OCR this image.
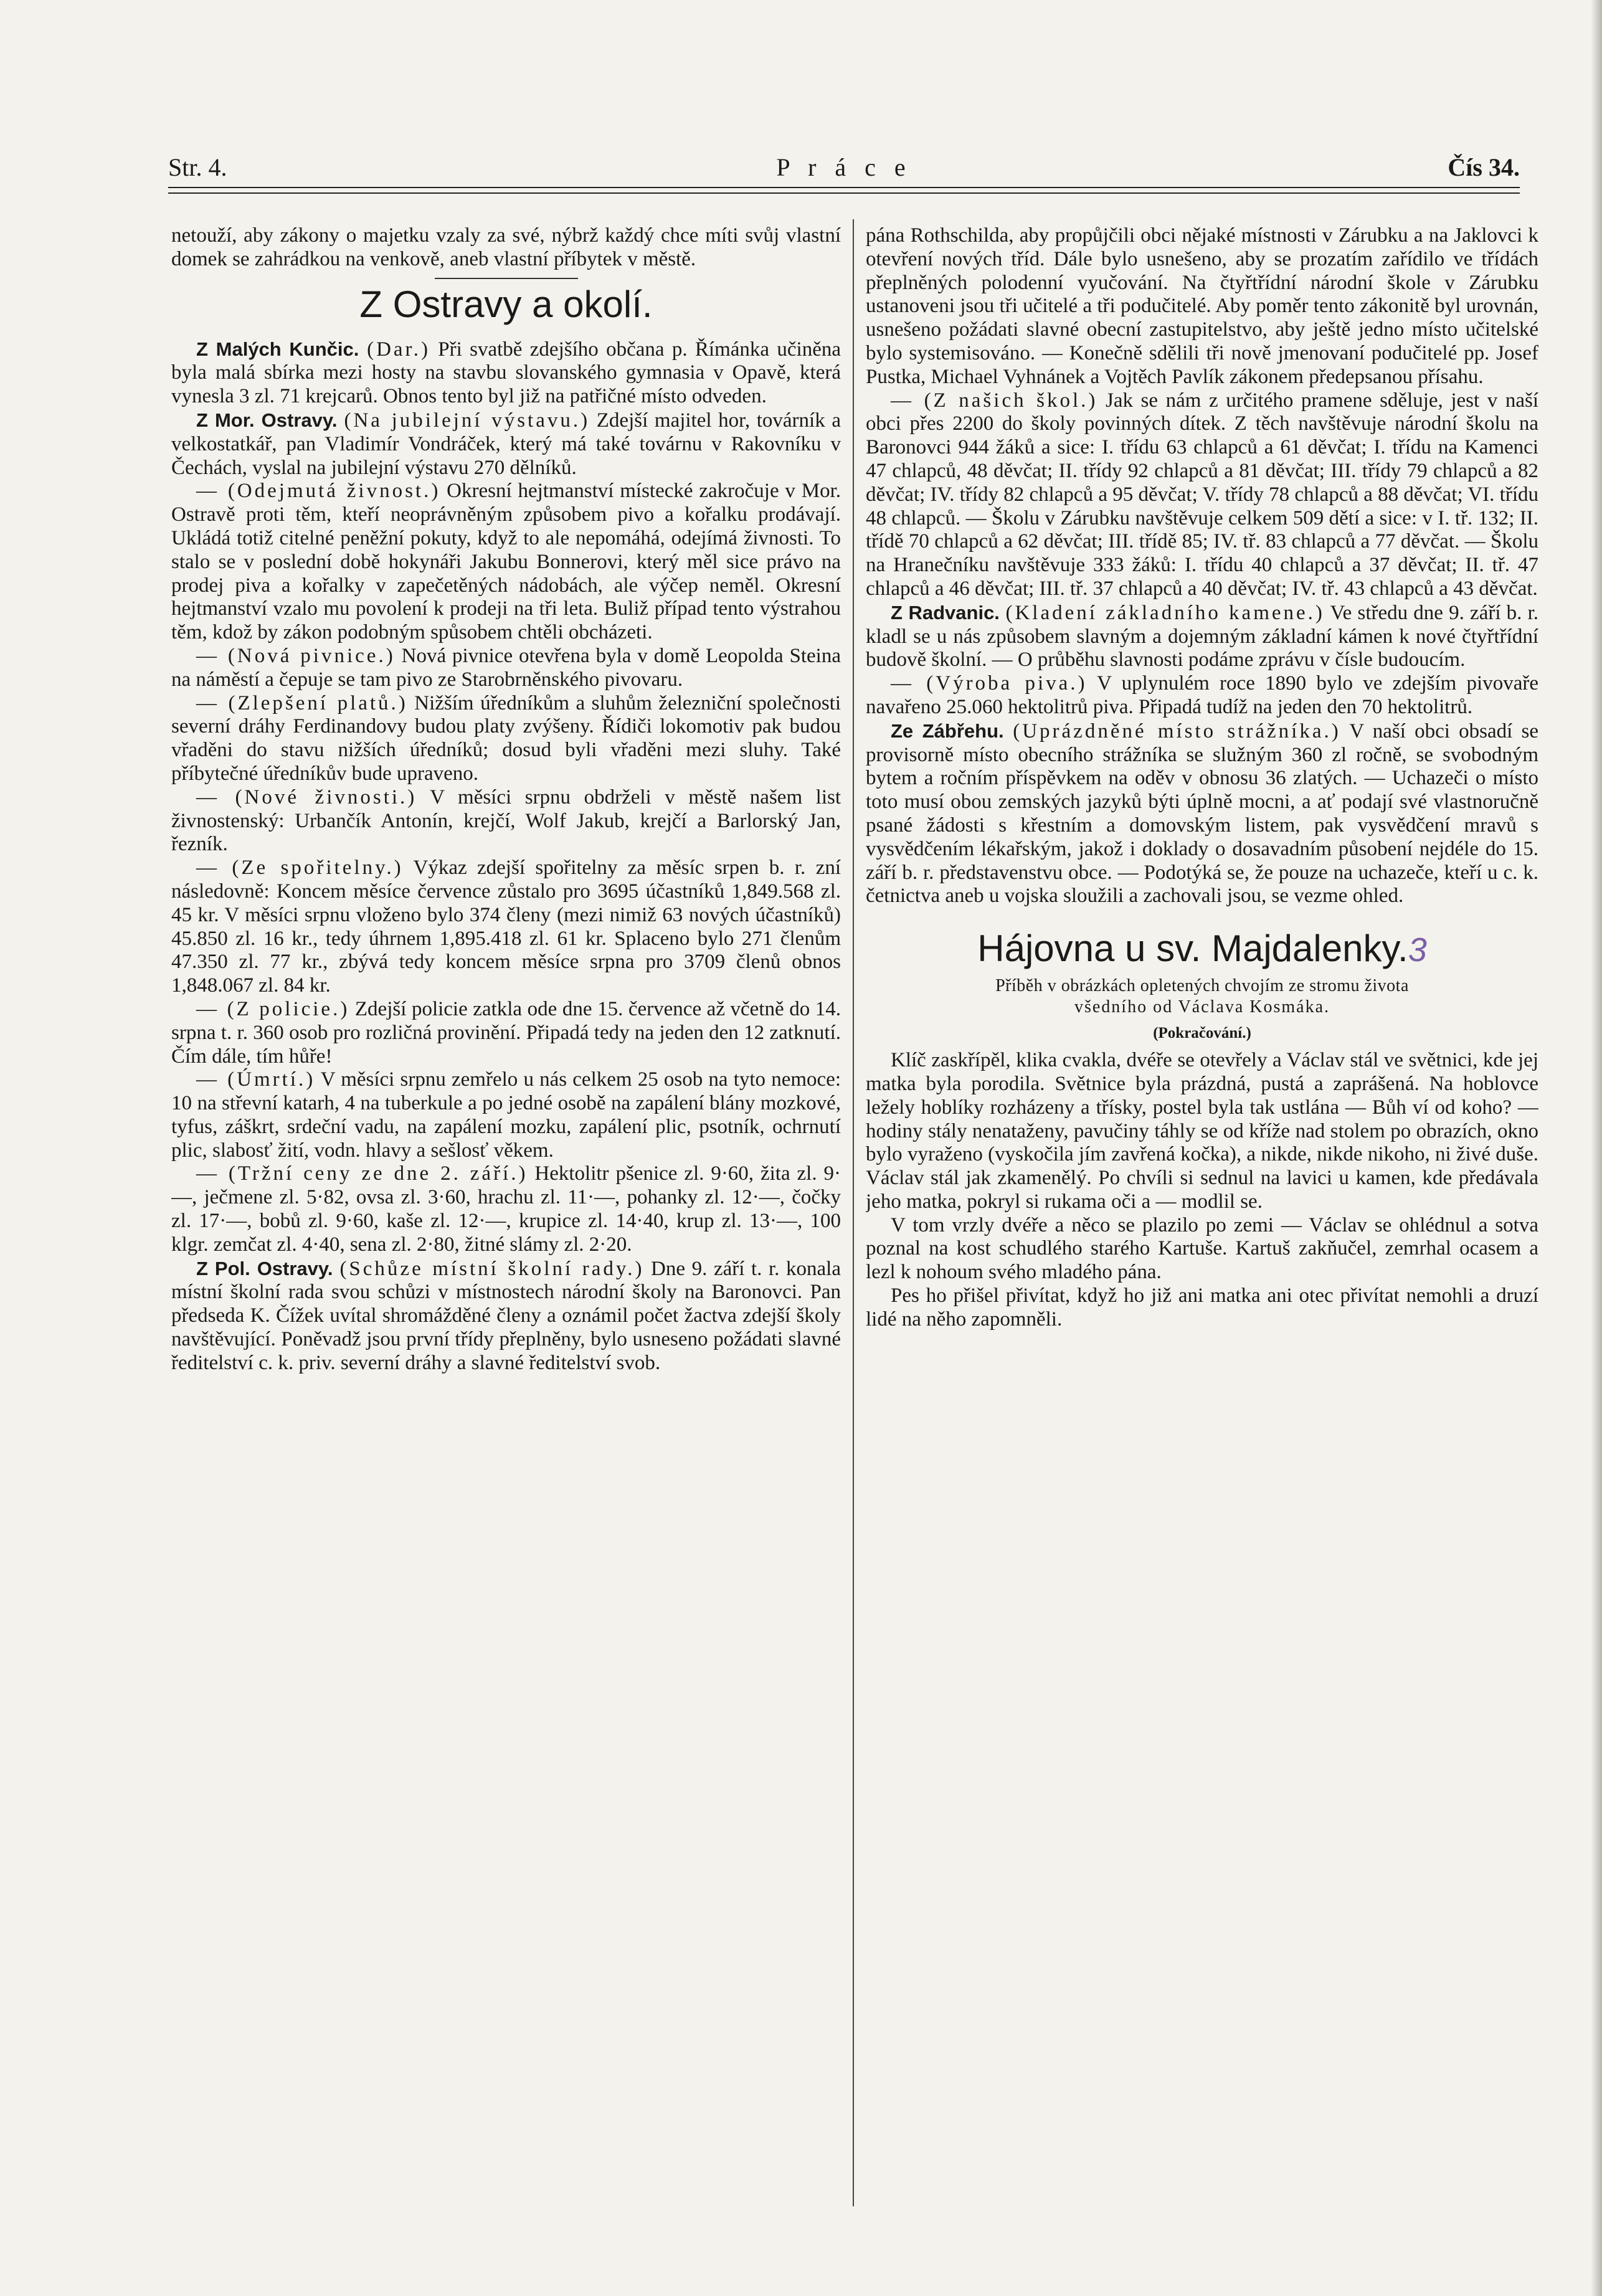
Str. 4.	P r á c e	Čís 34.

netouží, aby zákony o majetku vzaly za své, nýbrž každý chce míti svůj vlastní domek se zahrádkou na venkově, aneb vlastní příbytek v městě.

Z Ostravy a okolí.

Z Malých Kunčic. (Dar.) Při svatbě zdejšího občana p. Římánka učiněna byla malá sbírka mezi hosty na stavbu slovanského gymnasia v Opavě, která vynesla 3 zl. 71 krejcarů. Obnos tento byl již na patřičné místo odveden.

Z Mor. Ostravy. (Na jubilejní výstavu.) Zdejší majitel hor, továrník a velkostatkář, pan Vladimír Vondráček, který má také továrnu v Rakovníku v Čechách, vyslal na jubilejní výstavu 270 dělníků.

— (Odejmutá živnost.) Okresní hejtmanství místecké zakročuje v Mor. Ostravě proti těm, kteří neoprávněným způsobem pivo a kořalku prodávají. Ukládá totiž citelné peněžní pokuty, když to ale nepomáhá, odejímá živnosti. To stalo se v poslední době hokynáři Jakubu Bonnerovi, který měl sice právo na prodej piva a kořalky v zapečetěných nádobách, ale výčep neměl. Okresní hejtmanství vzalo mu povolení k prodeji na tři leta. Buliž případ tento výstrahou těm, kdož by zákon podobným spůsobem chtěli obcházeti.

— (Nová pivnice.) Nová pivnice otevřena byla v domě Leopolda Steina na náměstí a čepuje se tam pivo ze Starobrněnského pivovaru.

— (Zlepšení platů.) Nižším úředníkům a sluhům železniční společnosti severní dráhy Ferdinandovy budou platy zvýšeny. Řídiči lokomotiv pak budou vřaděni do stavu nižších úředníků; dosud byli vřaděni mezi sluhy. Také příbytečné úředníkův bude upraveno.

— (Nové živnosti.) V měsíci srpnu obdrželi v městě našem list živnostenský: Urbančík Antonín, krejčí, Wolf Jakub, krejčí a Barlorský Jan, řezník.

— (Ze spořitelny.) Výkaz zdejší spořitelny za měsíc srpen b. r. zní následovně: Koncem měsíce července zůstalo pro 3695 účastníků 1,849.568 zl. 45 kr. V měsíci srpnu vloženo bylo 374 členy (mezi nimiž 63 nových účastníků) 45.850 zl. 16 kr., tedy úhrnem 1,895.418 zl. 61 kr. Splaceno bylo 271 členům 47.350 zl. 77 kr., zbývá tedy koncem měsíce srpna pro 3709 členů obnos 1,848.067 zl. 84 kr.

— (Z policie.) Zdejší policie zatkla ode dne 15. července až včetně do 14. srpna t. r. 360 osob pro rozličná provinění. Připadá tedy na jeden den 12 zatknutí. Čím dále, tím hůře!

— (Úmrtí.) V měsíci srpnu zemřelo u nás celkem 25 osob na tyto nemoce: 10 na střevní katarh, 4 na tuberkule a po jedné osobě na zapálení blány mozkové, tyfus, záškrt, srdeční vadu, na zapálení mozku, zapálení plic, psotník, ochrnutí plic, slabosť žití, vodn. hlavy a sešlosť věkem.

— (Tržní ceny ze dne 2. září.) Hektolitr pšenice zl. 9·60, žita zl. 9·—, ječmene zl. 5·82, ovsa zl. 3·60, hrachu zl. 11·—, pohanky zl. 12·—, čočky zl. 17·—, bobů zl. 9·60, kaše zl. 12·—, krupice zl. 14·40, krup zl. 13·—, 100 klgr. zemčat zl. 4·40, sena zl. 2·80, žitné slámy zl. 2·20.

Z Pol. Ostravy. (Schůze místní školní rady.) Dne 9. září t. r. konala místní školní rada svou schůzi v místnostech národní školy na Baronovci. Pan předseda K. Čížek uvítal shromážděné členy a oznámil počet žactva zdejší školy navštěvující. Poněvadž jsou první třídy přeplněny, bylo usneseno požádati slavné ředitelství c. k. priv. severní dráhy a slavné ředitelství svob.

pána Rothschilda, aby propůjčili obci nějaké místnosti v Zárubku a na Jaklovci k otevření nových tříd. Dále bylo usnešeno, aby se prozatím zařídilo ve třídách přeplněných polodenní vyučování. Na čtyřtřídní národní škole v Zárubku ustanoveni jsou tři učitelé a tři podučitelé. Aby poměr tento zákonitě byl urovnán, usnešeno požádati slavné obecní zastupitelstvo, aby ještě jedno místo učitelské bylo systemisováno. — Konečně sdělili tři nově jmenovaní podučitelé pp. Josef Pustka, Michael Vyhnánek a Vojtěch Pavlík zákonem předepsanou přísahu.

— (Z našich škol.) Jak se nám z určitého pramene sděluje, jest v naší obci přes 2200 do školy povinných dítek. Z těch navštěvuje národní školu na Baronovci 944 žáků a sice: I. třídu 63 chlapců a 61 děvčat; I. třídu na Kamenci 47 chlapců, 48 děvčat; II. třídy 92 chlapců a 81 děvčat; III. třídy 79 chlapců a 82 děvčat; IV. třídy 82 chlapců a 95 děvčat; V. třídy 78 chlapců a 88 děvčat; VI. třídu 48 chlapců. — Školu v Zárubku navštěvuje celkem 509 dětí a sice: v I. tř. 132; II. třídě 70 chlapců a 62 děvčat; III. třídě 85; IV. tř. 83 chlapců a 77 děvčat. — Školu na Hranečníku navštěvuje 333 žáků: I. třídu 40 chlapců a 37 děvčat; II. tř. 47 chlapců a 46 děvčat; III. tř. 37 chlapců a 40 děvčat; IV. tř. 43 chlapců a 43 děvčat.

Z Radvanic. (Kladení základního kamene.) Ve středu dne 9. září b. r. kladl se u nás způsobem slavným a dojemným základní kámen k nové čtyřtřídní budově školní. — O průběhu slavnosti podáme zprávu v čísle budoucím.

— (Výroba piva.) V uplynulém roce 1890 bylo ve zdejším pivovaře navařeno 25.060 hektolitrů piva. Připadá tudíž na jeden den 70 hektolitrů.

Ze Zábřehu. (Uprázdněné místo strážníka.) V naší obci obsadí se provisorně místo obecního strážníka se služným 360 zl ročně, se svobodným bytem a ročním příspěvkem na oděv v obnosu 36 zlatých. — Uchazeči o místo toto musí obou zemských jazyků býti úplně mocni, a ať podají své vlastnoručně psané žádosti s křestním a domovským listem, pak vysvědčení mravů s vysvědčením lékařským, jakož i doklady o dosavadním působení nejdéle do 15. září b. r. představenstvu obce. — Podotýká se, že pouze na uchazeče, kteří u c. k. četnictva aneb u vojska sloužili a zachovali jsou, se vezme ohled.

Hájovna u sv. Majdalenky.3
Příběh v obrázkách opletených chvojím ze stromu života
všedního od Václava Kosmáka.
(Pokračování.)

Klíč zaskřípěl, klika cvakla, dvéře se otevřely a Václav stál ve světnici, kde jej matka byla porodila. Světnice byla prázdná, pustá a zaprášená. Na hoblovce ležely hoblíky rozházeny a třísky, postel byla tak ustlána — Bůh ví od koho? — hodiny stály nenataženy, pavučiny táhly se od kříže nad stolem po obrazích, okno bylo vyraženo (vyskočila jím zavřená kočka), a nikde, nikde nikoho, ni živé duše. Václav stál jak zkamenělý. Po chvíli si sednul na lavici u kamen, kde předávala jeho matka, pokryl si rukama oči a — modlil se.

V tom vrzly dvéře a něco se plazilo po zemi — Václav se ohlédnul a sotva poznal na kost schudlého starého Kartuše. Kartuš zakňučel, zemrhal ocasem a lezl k nohoum svého mladého pána.

Pes ho přišel přivítat, když ho již ani matka ani otec přivítat nemohli a druzí lidé na něho zapomněli.
